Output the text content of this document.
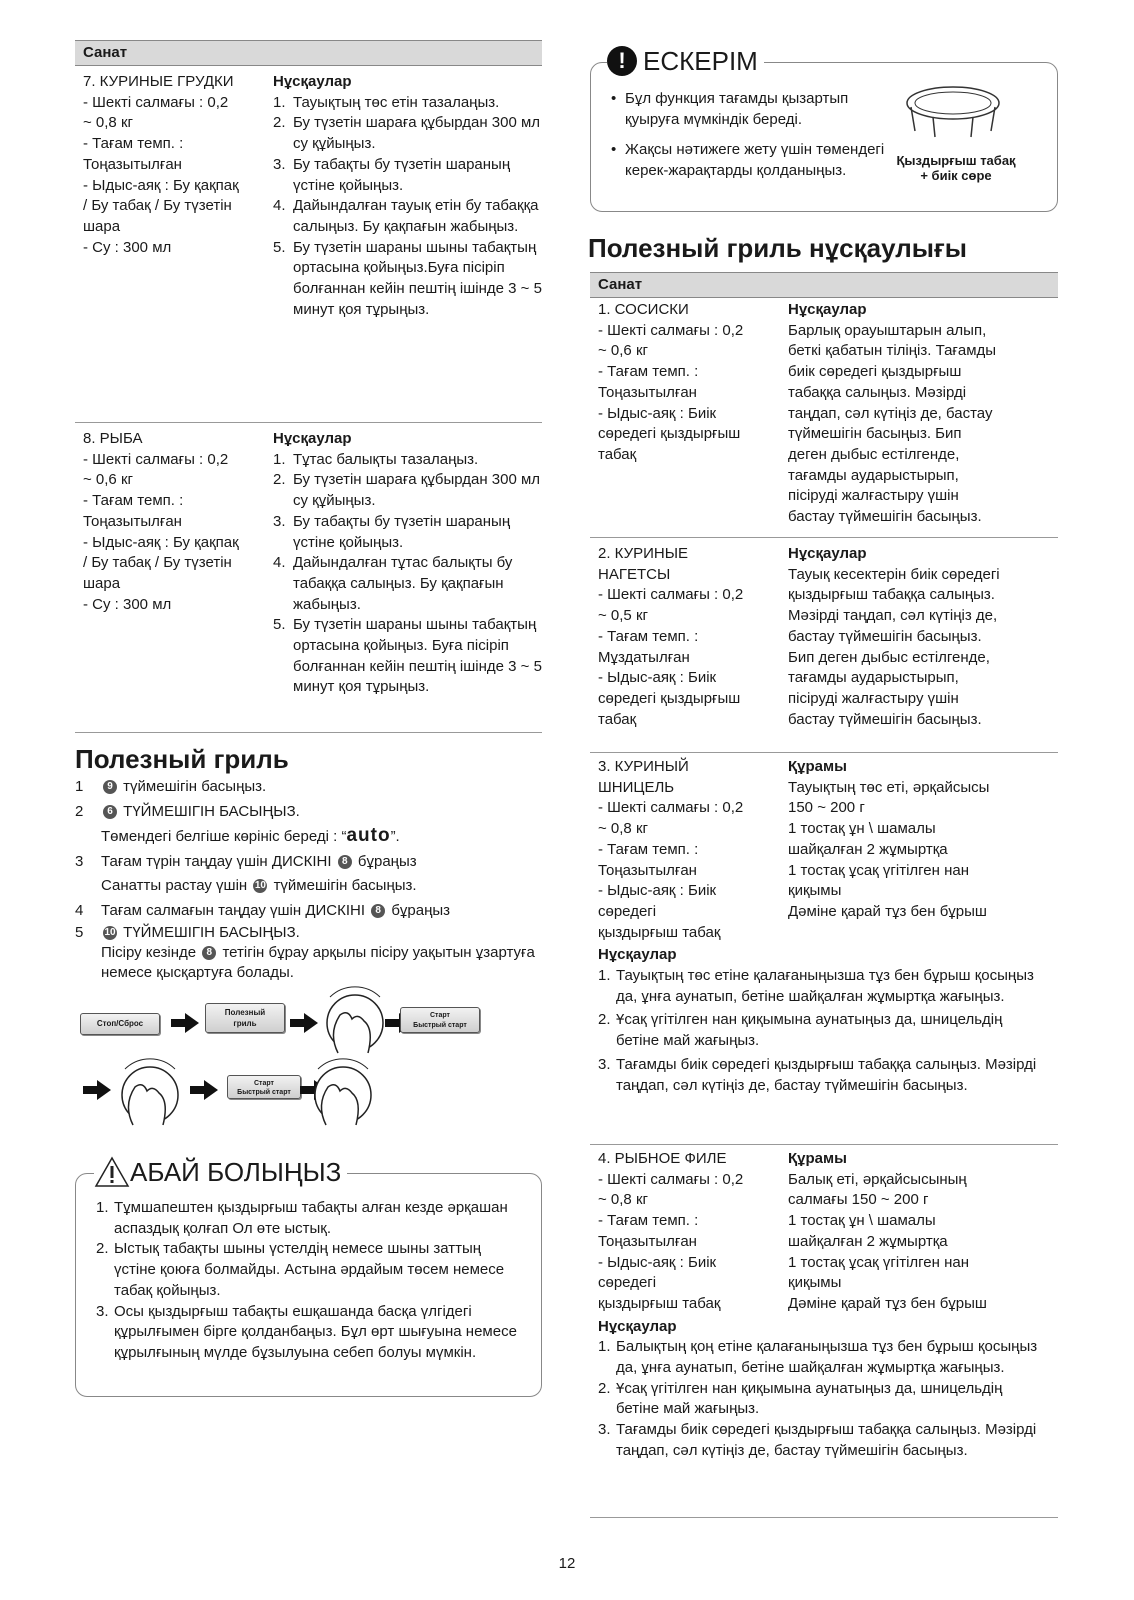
Санат

7. КУРИНЫЕ ГРУДКИ

- Шекті салмағы : 0,2

~ 0,8 кг

- Тағам темп. :

Тоңазытылған

- Ыдыс-аяқ : Бу қақпақ

/ Бу табақ / Бу түзетін

шара

- Су : 300 мл

Нұсқаулар

1. Тауықтың төс етін тазалаңыз.
2. Бу түзетін шараға құбырдан 300 мл су құйыңыз.
3. Бу табақты бу түзетін шараның үстіне қойыңыз.
4. Дайындалған тауық етін бу табаққа салыңыз. Бу қақпағын жабыңыз.
5. Бу түзетін шараны шыны табақтың ортасына қойыңыз.Буға пісіріп болғаннан кейін пештің ішінде 3 ~ 5 минут қоя тұрыңыз.

8. РЫБА

- Шекті салмағы : 0,2

~ 0,6 кг

- Тағам темп. :

Тоңазытылған

- Ыдыс-аяқ : Бу қақпақ

/ Бу табақ / Бу түзетін

шара

- Су : 300 мл

Нұсқаулар

1. Тұтас балықты тазалаңыз.
2. Бу түзетін шараға құбырдан 300 мл су құйыңыз.
3. Бу табақты бу түзетін шараның үстіне қойыңыз.
4. Дайындалған тұтас балықты бу табаққа салыңыз. Бу қақпағын жабыңыз.
5. Бу түзетін шараны шыны табақтың ортасына қойыңыз. Буға пісіріп болғаннан кейін пештің ішінде 3 ~ 5 минут қоя тұрыңыз.
Полезный гриль
1 9 түймешігін басыңыз.
2 6 ТҮЙМЕШІГІН БАСЫҢЫЗ.
Төмендегі белгіше көрініс береді : “auto”.
3 Тағам түрін таңдау үшін ДИСКІНІ 8 бұраңыз
Санатты растау үшін 10 түймешігін басыңыз.
4 Тағам салмағын таңдау үшін ДИСКІНІ 8 бұраңыз
5 10 ТҮЙМЕШІГІН БАСЫҢЫЗ.
Пісіру кезінде 8 тетігін бұрау арқылы пісіру уақытын ұзартуға немесе қысқартуға болады.
Стоп/Сброс
Полезный
гриль
Старт
Быстрый старт
Старт
Быстрый старт
АБАЙ БОЛЫҢЫЗ
1. Тұмшапештен қыздырғыш табақты алған кезде әрқашан аспаздық қолғап Ол өте ыстық.
2. Ыстық табақты шыны үстелдің немесе шыны заттың үстіне қоюға болмайды. Астына әрдайым төсем немесе табақ қойыңыз.
3. Осы қыздырғыш табақты ешқашанда басқа үлгідегі құрылғымен бірге қолданбаңыз. Бұл өрт шығуына немесе құрылғының мүлде бұзылуына себеп болуы мүмкін.
! ЕСКЕРІМ
• Бұл функция тағамды қызартып қуыруға мүмкіндік береді.
• Жақсы нәтижеге жету үшін төмендегі керек-жарақтарды қолданыңыз.
Қыздырғыш табақ
+ биік сөре
Полезный гриль нұсқаулығы
Санат

1. СОСИСКИ

- Шекті салмағы : 0,2

~ 0,6 кг

- Тағам темп. :

Тоңазытылған

- Ыдыс-аяқ : Биік

сөредегі қыздырғыш

табақ

Нұсқаулар

Барлық орауыштарын алып,

беткі қабатын тіліңіз. Тағамды

биік сөредегі қыздырғыш

табаққа салыңыз. Мәзірді

таңдап, сәл күтіңіз де, бастау

түймешігін басыңыз. Бип

деген дыбыс естілгенде,

тағамды аударыстырып,

пісіруді жалғастыру үшін

бастау түймешігін басыңыз.

2. КУРИНЫЕ НАГЕТСЫ

- Шекті салмағы : 0,2

~ 0,5 кг

- Тағам темп. :

Мұздатылған

- Ыдыс-аяқ : Биік

сөредегі қыздырғыш

табақ

Нұсқаулар

Тауық кесектерін биік сөредегі

қыздырғыш табаққа салыңыз.

Мәзірді таңдап, сәл күтіңіз де,

бастау түймешігін басыңыз.

Бип деген дыбыс естілгенде,

тағамды аударыстырып,

пісіруді жалғастыру үшін

бастау түймешігін басыңыз.

3. КУРИНЫЙ ШНИЦЕЛЬ

- Шекті салмағы : 0,2

~ 0,8 кг

- Тағам темп. :

Тоңазытылған

- Ыдыс-аяқ : Биік

сөредегі

қыздырғыш табақ

Құрамы

Тауықтың төс еті, әрқайсысы

150 ~ 200 г

1 тостақ ұн \ шамалы

шайқалған 2 жұмыртқа

1 тостақ ұсақ үгітілген нан

қиқымы

Дәміне қарай тұз бен бұрыш

Нұсқаулар

1. Тауықтың төс етіне қалағаныңызша тұз бен бұрыш қосыңыз да, ұнға аунатып, бетіне шайқалған жұмыртқа жағыңыз.
2. Ұсақ үгітілген нан қиқымына аунатыңыз да, шницельдің бетіне май жағыңыз.
3. Тағамды биік сөредегі қыздырғыш табаққа салыңыз. Мәзірді таңдап, сәл күтіңіз де, бастау түймешігін басыңыз.

4. РЫБНОЕ ФИЛЕ

- Шекті салмағы : 0,2

~ 0,8 кг

- Тағам темп. :

Тоңазытылған

- Ыдыс-аяқ : Биік

сөредегі

қыздырғыш табақ

Құрамы

Балық еті, әрқайсысының

салмағы 150 ~ 200 г

1 тостақ ұн \ шамалы

шайқалған 2 жұмыртқа

1 тостақ ұсақ үгітілген нан

қиқымы

Дәміне қарай тұз бен бұрыш

Нұсқаулар

1. Балықтың қоң етіне қалағаныңызша тұз бен бұрыш қосыңыз да, ұнға аунатып, бетіне шайқалған жұмыртқа жағыңыз.
2. Ұсақ үгітілген нан қиқымына аунатыңыз да, шницельдің бетіне май жағыңыз.
3. Тағамды биік сөредегі қыздырғыш табаққа салыңыз. Мәзірді таңдап, сәл күтіңіз де, бастау түймешігін басыңыз.
12
